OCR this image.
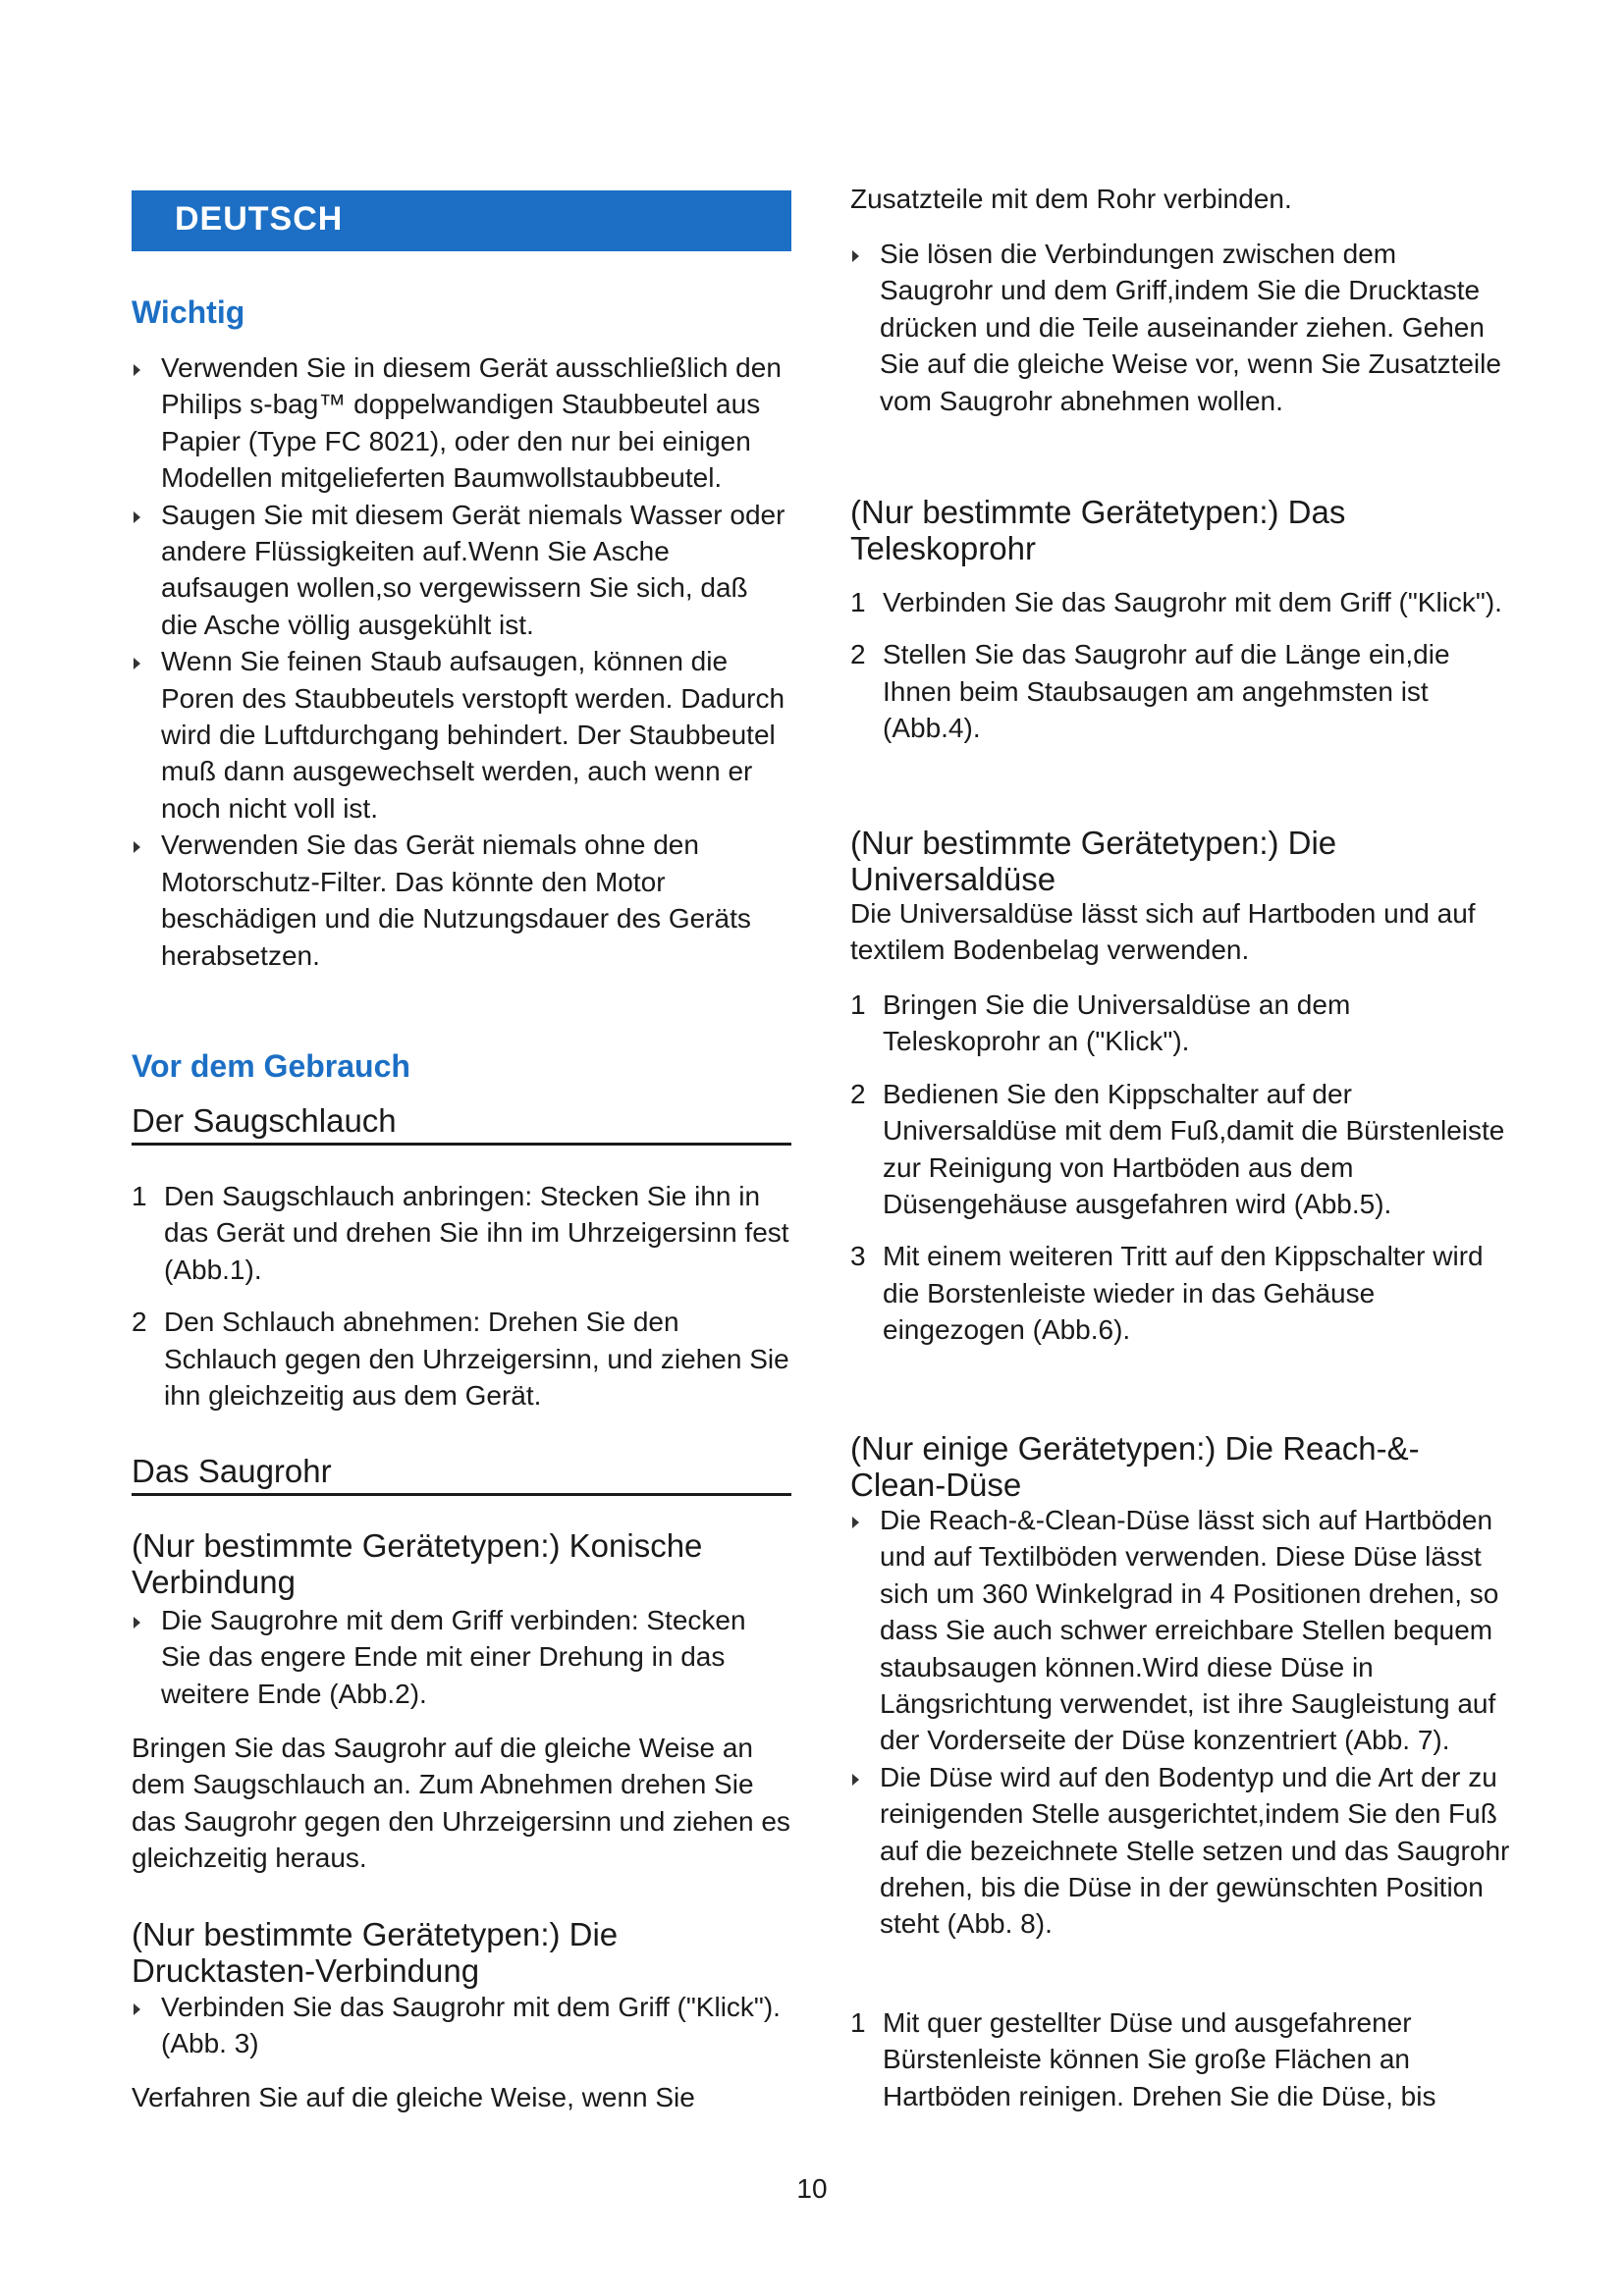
DEUTSCH
Wichtig
Verwenden Sie in diesem Gerät ausschließlich den Philips s-bag™ doppelwandigen Staubbeutel aus Papier (Type FC 8021), oder den nur bei einigen Modellen mitgelieferten Baumwollstaubbeutel.
Saugen Sie mit diesem Gerät niemals Wasser oder andere Flüssigkeiten auf.Wenn Sie Asche aufsaugen wollen,so vergewissern Sie sich, daß die Asche völlig ausgekühlt ist.
Wenn Sie feinen Staub aufsaugen, können die Poren des Staubbeutels verstopft werden. Dadurch wird die Luftdurchgang behindert. Der Staubbeutel muß dann ausgewechselt werden, auch wenn er noch nicht voll ist.
Verwenden Sie das Gerät niemals ohne den Motorschutz-Filter. Das könnte den Motor beschädigen und die Nutzungsdauer des Geräts herabsetzen.
Vor dem Gebrauch
Der Saugschlauch
1 Den Saugschlauch anbringen: Stecken Sie ihn in das Gerät und drehen Sie ihn im Uhrzeigersinn fest (Abb.1).
2 Den Schlauch abnehmen: Drehen Sie den Schlauch gegen den Uhrzeigersinn, und ziehen Sie ihn gleichzeitig aus dem Gerät.
Das Saugrohr
(Nur bestimmte Gerätetypen:) Konische Verbindung
Die Saugrohre mit dem Griff verbinden: Stecken Sie das engere Ende mit einer Drehung in das weitere Ende (Abb.2).
Bringen Sie das Saugrohr auf die gleiche Weise an dem Saugschlauch an. Zum Abnehmen drehen Sie das Saugrohr gegen den Uhrzeigersinn und ziehen es gleichzeitig heraus.
(Nur bestimmte Gerätetypen:) Die Drucktasten-Verbindung
Verbinden Sie das Saugrohr mit dem Griff ("Klick"). (Abb. 3)
Verfahren Sie auf die gleiche Weise, wenn Sie
Zusatzteile mit dem Rohr verbinden.
Sie lösen die Verbindungen zwischen dem Saugrohr und dem Griff,indem Sie die Drucktaste drücken und die Teile auseinander ziehen. Gehen Sie auf die gleiche Weise vor, wenn Sie Zusatzteile vom Saugrohr abnehmen wollen.
(Nur bestimmte Gerätetypen:) Das Teleskoprohr
1 Verbinden Sie das Saugrohr mit dem Griff ("Klick").
2 Stellen Sie das Saugrohr auf die Länge ein,die Ihnen beim Staubsaugen am angehmsten ist (Abb.4).
(Nur bestimmte Gerätetypen:) Die Universaldüse
Die Universaldüse lässt sich auf Hartboden und auf textilem Bodenbelag verwenden.
1 Bringen Sie die Universaldüse an dem Teleskoprohr an ("Klick").
2 Bedienen Sie den Kippschalter auf der Universaldüse mit dem Fuß,damit die Bürstenleiste zur Reinigung von Hartböden aus dem Düsengehäuse ausgefahren wird (Abb.5).
3 Mit einem weiteren Tritt auf den Kippschalter wird die Borstenleiste wieder in das Gehäuse eingezogen (Abb.6).
(Nur einige Gerätetypen:) Die Reach-&-Clean-Düse
Die Reach-&-Clean-Düse lässt sich auf Hartböden und auf Textilböden verwenden. Diese Düse lässt sich um 360 Winkelgrad in 4 Positionen drehen, so dass Sie auch schwer erreichbare Stellen bequem staubsaugen können.Wird diese Düse in Längsrichtung verwendet, ist ihre Saugleistung auf der Vorderseite der Düse konzentriert (Abb. 7).
Die Düse wird auf den Bodentyp und die Art der zu reinigenden Stelle ausgerichtet,indem Sie den Fuß auf die bezeichnete Stelle setzen und das Saugrohr drehen, bis die Düse in der gewünschten Position steht (Abb. 8).
1 Mit quer gestellter Düse und ausgefahrener Bürstenleiste können Sie große Flächen an Hartböden reinigen. Drehen Sie die Düse, bis
10
